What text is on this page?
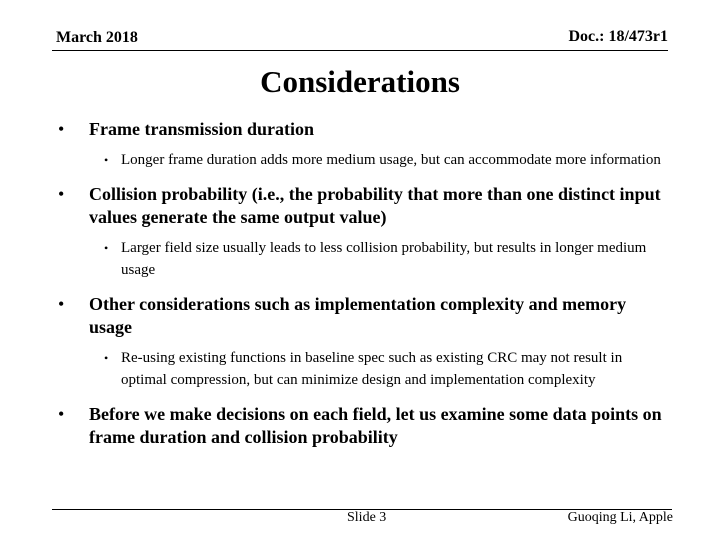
March 2018	Doc.: 18/473r1
Considerations
• Frame transmission duration
• Longer frame duration adds more medium usage, but can accommodate more information
• Collision probability (i.e., the probability that more than one distinct input values generate the same output value)
• Larger field size usually leads to less collision probability, but results in longer medium usage
• Other considerations such as implementation complexity and memory usage
• Re-using existing functions in baseline spec such as existing CRC may not result in optimal compression, but can minimize design and implementation complexity
• Before we make decisions on each field, let us examine some data points on frame duration and collision probability
Slide 3	Guoqing Li, Apple
